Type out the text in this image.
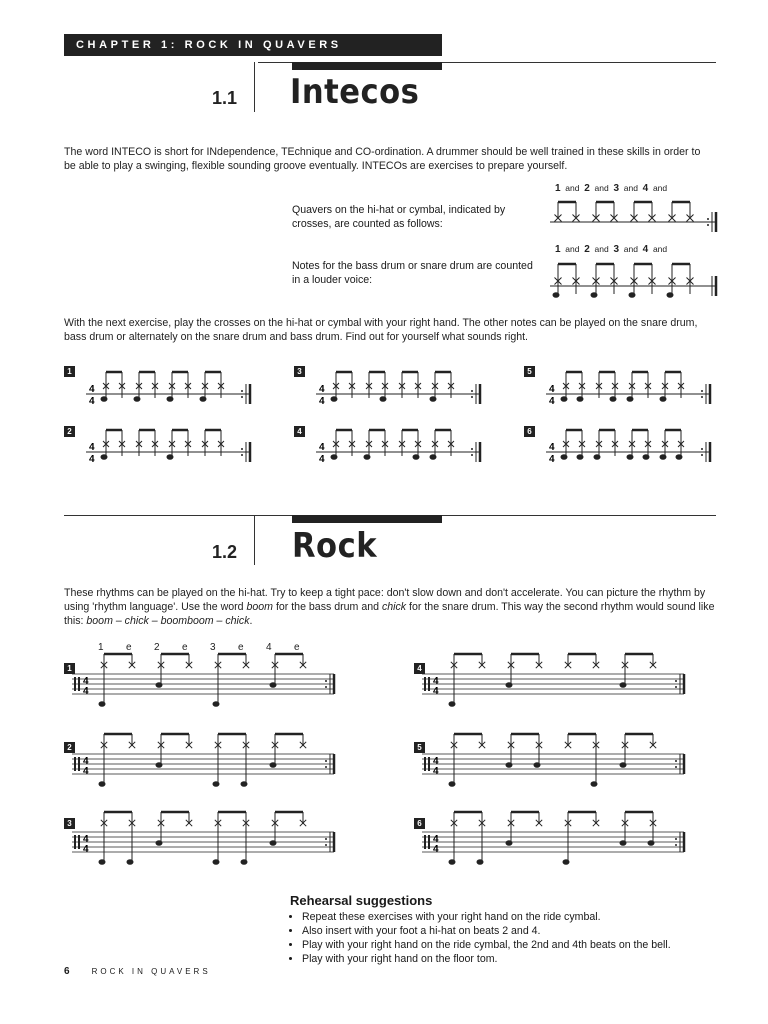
CHAPTER 1: ROCK IN QUAVERS
1.1 Intecos
The word INTECO is short for INdependence, TEchnique and CO-ordination. A drummer should be well trained in these skills in order to be able to play a swinging, flexible sounding groove eventually. INTECOs are exercises to prepare yourself.
1 and 2 and 3 and 4 and
Quavers on the hi-hat or cymbal, indicated by crosses, are counted as follows:
1 and 2 and 3 and 4 and
Notes for the bass drum or snare drum are counted in a louder voice:
With the next exercise, play the crosses on the hi-hat or cymbal with your right hand. The other notes can be played on the snare drum, bass drum or alternately on the snare drum and bass drum. Find out for yourself what sounds right.
1
4
4
3
4
4
5
4
4
2
4
4
4
4
4
6
4
4
1.2 Rock
These rhythms can be played on the hi-hat. Try to keep a tight pace: don't slow down and don't accelerate. You can picture the rhythm by using 'rhythm language'. Use the word boom for the bass drum and chick for the snare drum. This way the second rhythm would sound like this: boom – chick – boomboom – chick.
1 e 2 e 3 e 4 e
1
4
4
4
4
4
2
4
4
5
4
4
3
4
4
6
4
4
Rehearsal suggestions
• Repeat these exercises with your right hand on the ride cymbal.
• Also insert with your foot a hi-hat on beats 2 and 4.
• Play with your right hand on the ride cymbal, the 2nd and 4th beats on the bell.
• Play with your right hand on the floor tom.
6	ROCK IN QUAVERS
